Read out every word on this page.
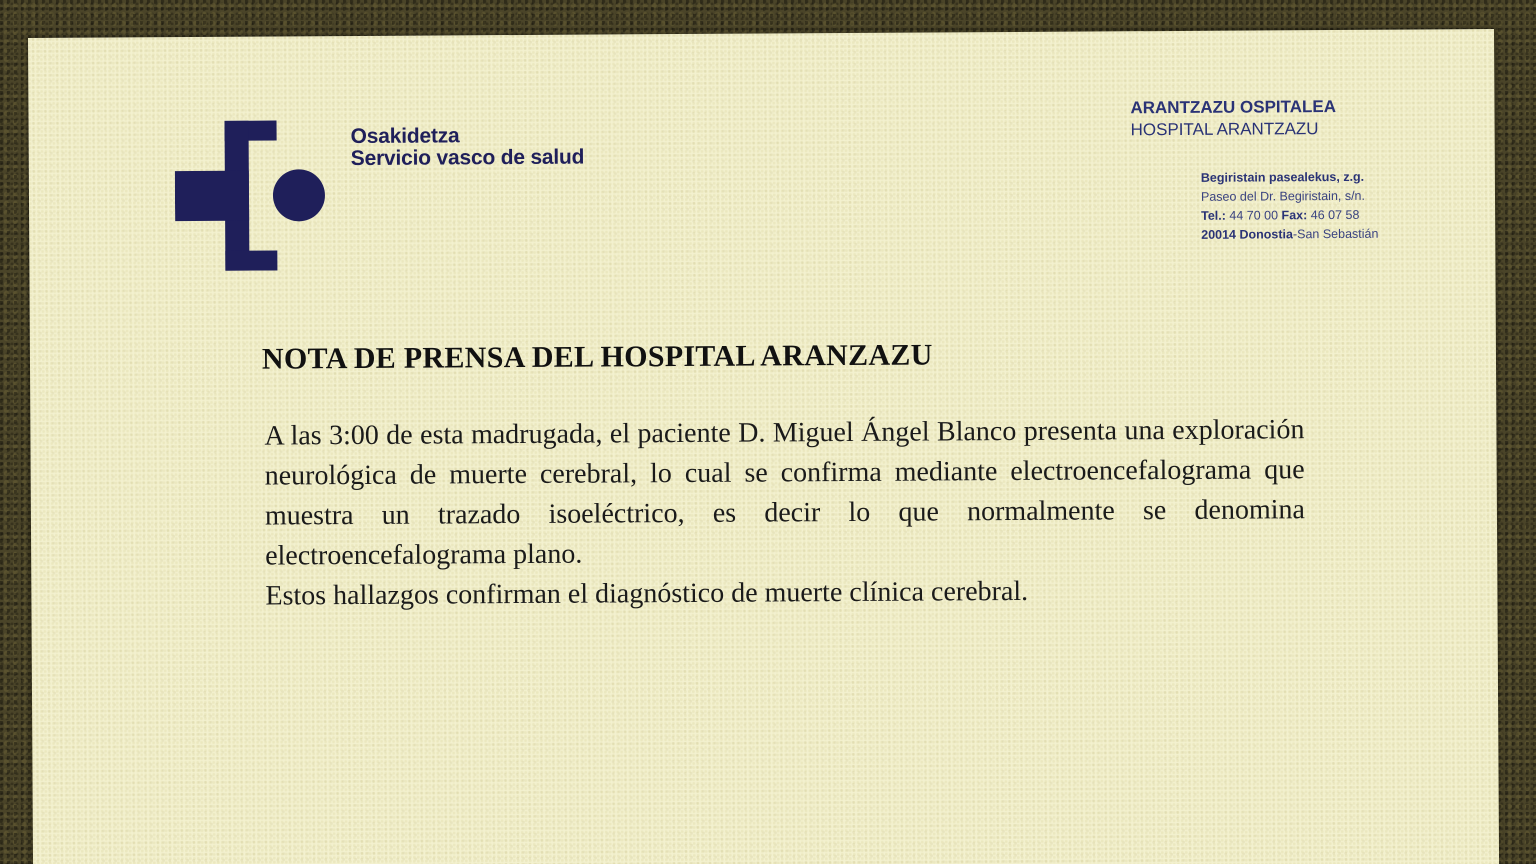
Osakidetza
Servicio vasco de salud
ARANTZAZU OSPITALEA
HOSPITAL ARANTZAZU
Begiristain pasealekus, z.g.
Paseo del Dr. Begiristain, s/n.
Tel.: 44 70 00 Fax: 46 07 58
20014 Donostia-San Sebastián
NOTA DE PRENSA DEL HOSPITAL ARANZAZU

A las 3:00 de esta madrugada, el paciente D. Miguel Ángel Blanco presenta una exploración neurológica de muerte cerebral, lo cual se confirma mediante electroencefalograma que muestra un trazado isoeléctrico, es decir lo que normalmente se denomina electroencefalograma plano.

Estos hallazgos confirman el diagnóstico de muerte clínica cerebral.
